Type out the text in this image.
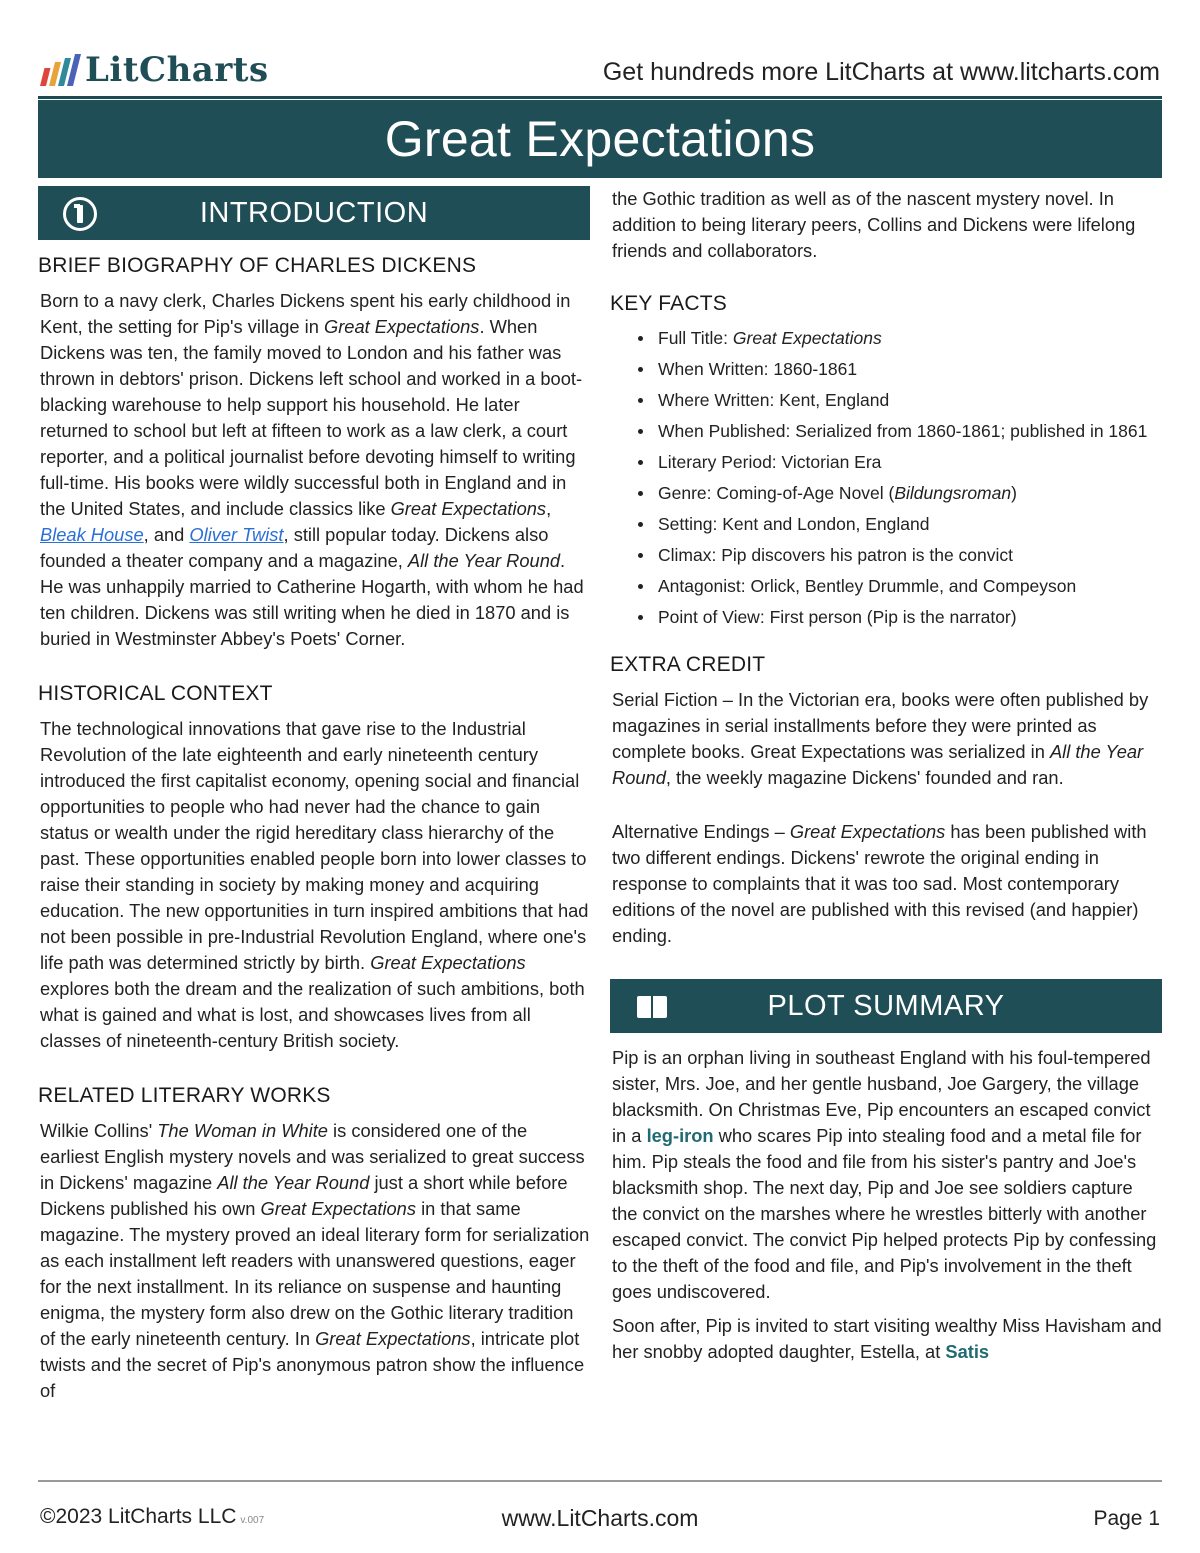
LitCharts	Get hundreds more LitCharts at www.litcharts.com
Great Expectations
INTRODUCTION
BRIEF BIOGRAPHY OF CHARLES DICKENS

Born to a navy clerk, Charles Dickens spent his early childhood in Kent, the setting for Pip's village in Great Expectations. When Dickens was ten, the family moved to London and his father was thrown in debtors' prison. Dickens left school and worked in a boot-blacking warehouse to help support his household. He later returned to school but left at fifteen to work as a law clerk, a court reporter, and a political journalist before devoting himself to writing full-time. His books were wildly successful both in England and in the United States, and include classics like Great Expectations, Bleak House, and Oliver Twist, still popular today. Dickens also founded a theater company and a magazine, All the Year Round. He was unhappily married to Catherine Hogarth, with whom he had ten children. Dickens was still writing when he died in 1870 and is buried in Westminster Abbey's Poets' Corner.

HISTORICAL CONTEXT

The technological innovations that gave rise to the Industrial Revolution of the late eighteenth and early nineteenth century introduced the first capitalist economy, opening social and financial opportunities to people who had never had the chance to gain status or wealth under the rigid hereditary class hierarchy of the past. These opportunities enabled people born into lower classes to raise their standing in society by making money and acquiring education. The new opportunities in turn inspired ambitions that had not been possible in pre-Industrial Revolution England, where one's life path was determined strictly by birth. Great Expectations explores both the dream and the realization of such ambitions, both what is gained and what is lost, and showcases lives from all classes of nineteenth-century British society.

RELATED LITERARY WORKS

Wilkie Collins' The Woman in White is considered one of the earliest English mystery novels and was serialized to great success in Dickens' magazine All the Year Round just a short while before Dickens published his own Great Expectations in that same magazine. The mystery proved an ideal literary form for serialization as each installment left readers with unanswered questions, eager for the next installment. In its reliance on suspense and haunting enigma, the mystery form also drew on the Gothic literary tradition of the early nineteenth century. In Great Expectations, intricate plot twists and the secret of Pip's anonymous patron show the influence of

the Gothic tradition as well as of the nascent mystery novel. In addition to being literary peers, Collins and Dickens were lifelong friends and collaborators.

KEY FACTS
Full Title: Great Expectations
When Written: 1860-1861
Where Written: Kent, England
When Published: Serialized from 1860-1861; published in 1861
Literary Period: Victorian Era
Genre: Coming-of-Age Novel (Bildungsroman)
Setting: Kent and London, England
Climax: Pip discovers his patron is the convict
Antagonist: Orlick, Bentley Drummle, and Compeyson
Point of View: First person (Pip is the narrator)
EXTRA CREDIT

Serial Fiction – In the Victorian era, books were often published by magazines in serial installments before they were printed as complete books. Great Expectations was serialized in All the Year Round, the weekly magazine Dickens' founded and ran.

Alternative Endings – Great Expectations has been published with two different endings. Dickens' rewrote the original ending in response to complaints that it was too sad. Most contemporary editions of the novel are published with this revised (and happier) ending.

PLOT SUMMARY

Pip is an orphan living in southeast England with his foul-tempered sister, Mrs. Joe, and her gentle husband, Joe Gargery, the village blacksmith. On Christmas Eve, Pip encounters an escaped convict in a leg-iron who scares Pip into stealing food and a metal file for him. Pip steals the food and file from his sister's pantry and Joe's blacksmith shop. The next day, Pip and Joe see soldiers capture the convict on the marshes where he wrestles bitterly with another escaped convict. The convict Pip helped protects Pip by confessing to the theft of the food and file, and Pip's involvement in the theft goes undiscovered.

Soon after, Pip is invited to start visiting wealthy Miss Havisham and her snobby adopted daughter, Estella, at Satis

©2023 LitCharts LLC v.007	www.LitCharts.com	Page 1
